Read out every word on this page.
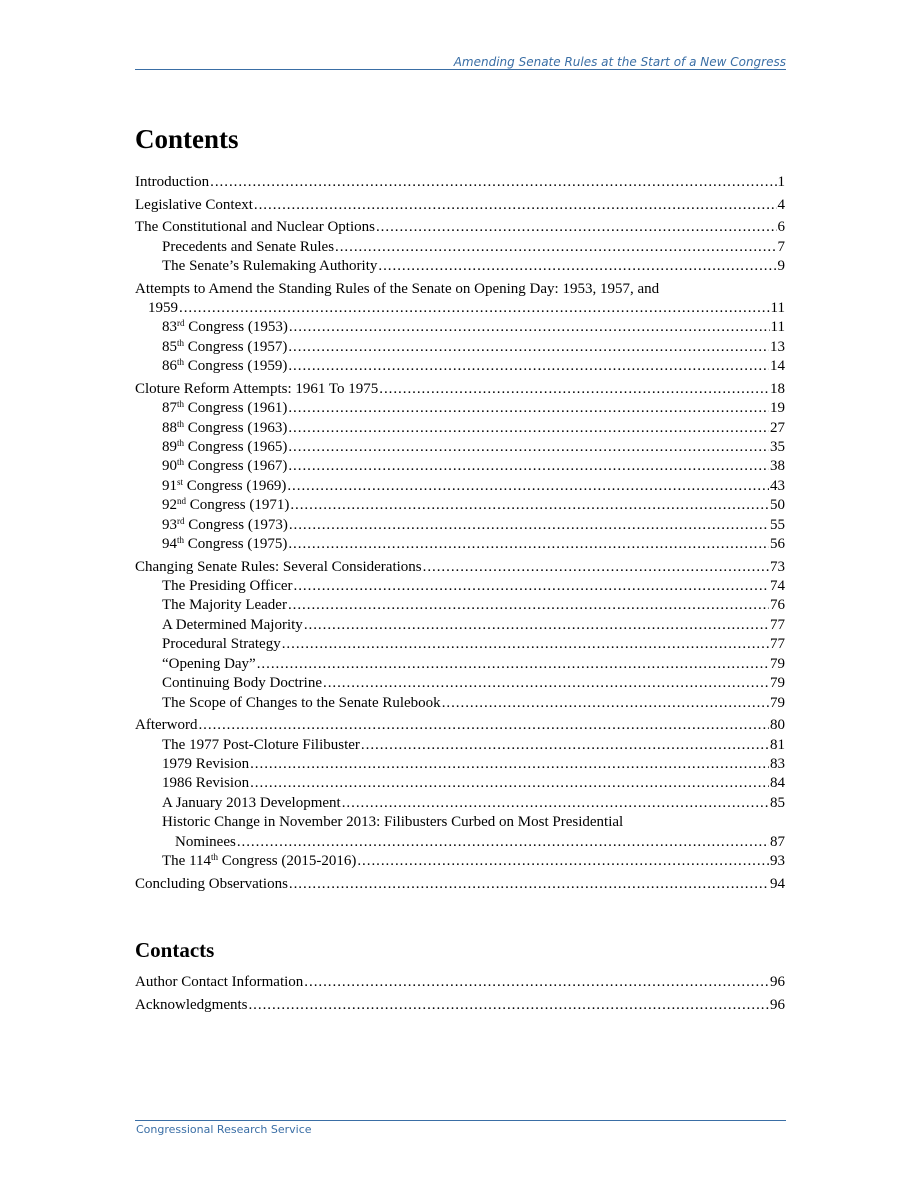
Amending Senate Rules at the Start of a New Congress
Contents
Introduction . . .	1
Legislative Context . . .	4
The Constitutional and Nuclear Options . . .	6
Precedents and Senate Rules . . .	7
The Senate’s Rulemaking Authority . . .	9
Attempts to Amend the Standing Rules of the Senate on Opening Day: 1953, 1957, and
1959 . . .	11
83rd Congress (1953) . . .	11
85th Congress (1957) . . .	13
86th Congress (1959) . . .	14
Cloture Reform Attempts: 1961 To 1975 . . .	18
87th Congress (1961) . . .	19
88th Congress (1963) . . .	27
89th Congress (1965) . . .	35
90th Congress (1967) . . .	38
91st Congress (1969) . . .	43
92nd Congress (1971) . . .	50
93rd Congress (1973) . . .	55
94th Congress (1975) . . .	56
Changing Senate Rules: Several Considerations . . .	73
The Presiding Officer . . .	74
The Majority Leader . . .	76
A Determined Majority . . .	77
Procedural Strategy . . .	77
“Opening Day” . . .	79
Continuing Body Doctrine . . .	79
The Scope of Changes to the Senate Rulebook . . .	79
Afterword . . .	80
The 1977 Post-Cloture Filibuster . . .	81
1979 Revision . . .	83
1986 Revision . . .	84
A January 2013 Development . . .	85
Historic Change in November 2013: Filibusters Curbed on Most Presidential
Nominees . . .	87
The 114th Congress (2015-2016) . . .	93
Concluding Observations . . .	94
Contacts
Author Contact Information . . .	96
Acknowledgments . . .	96
Congressional Research Service
